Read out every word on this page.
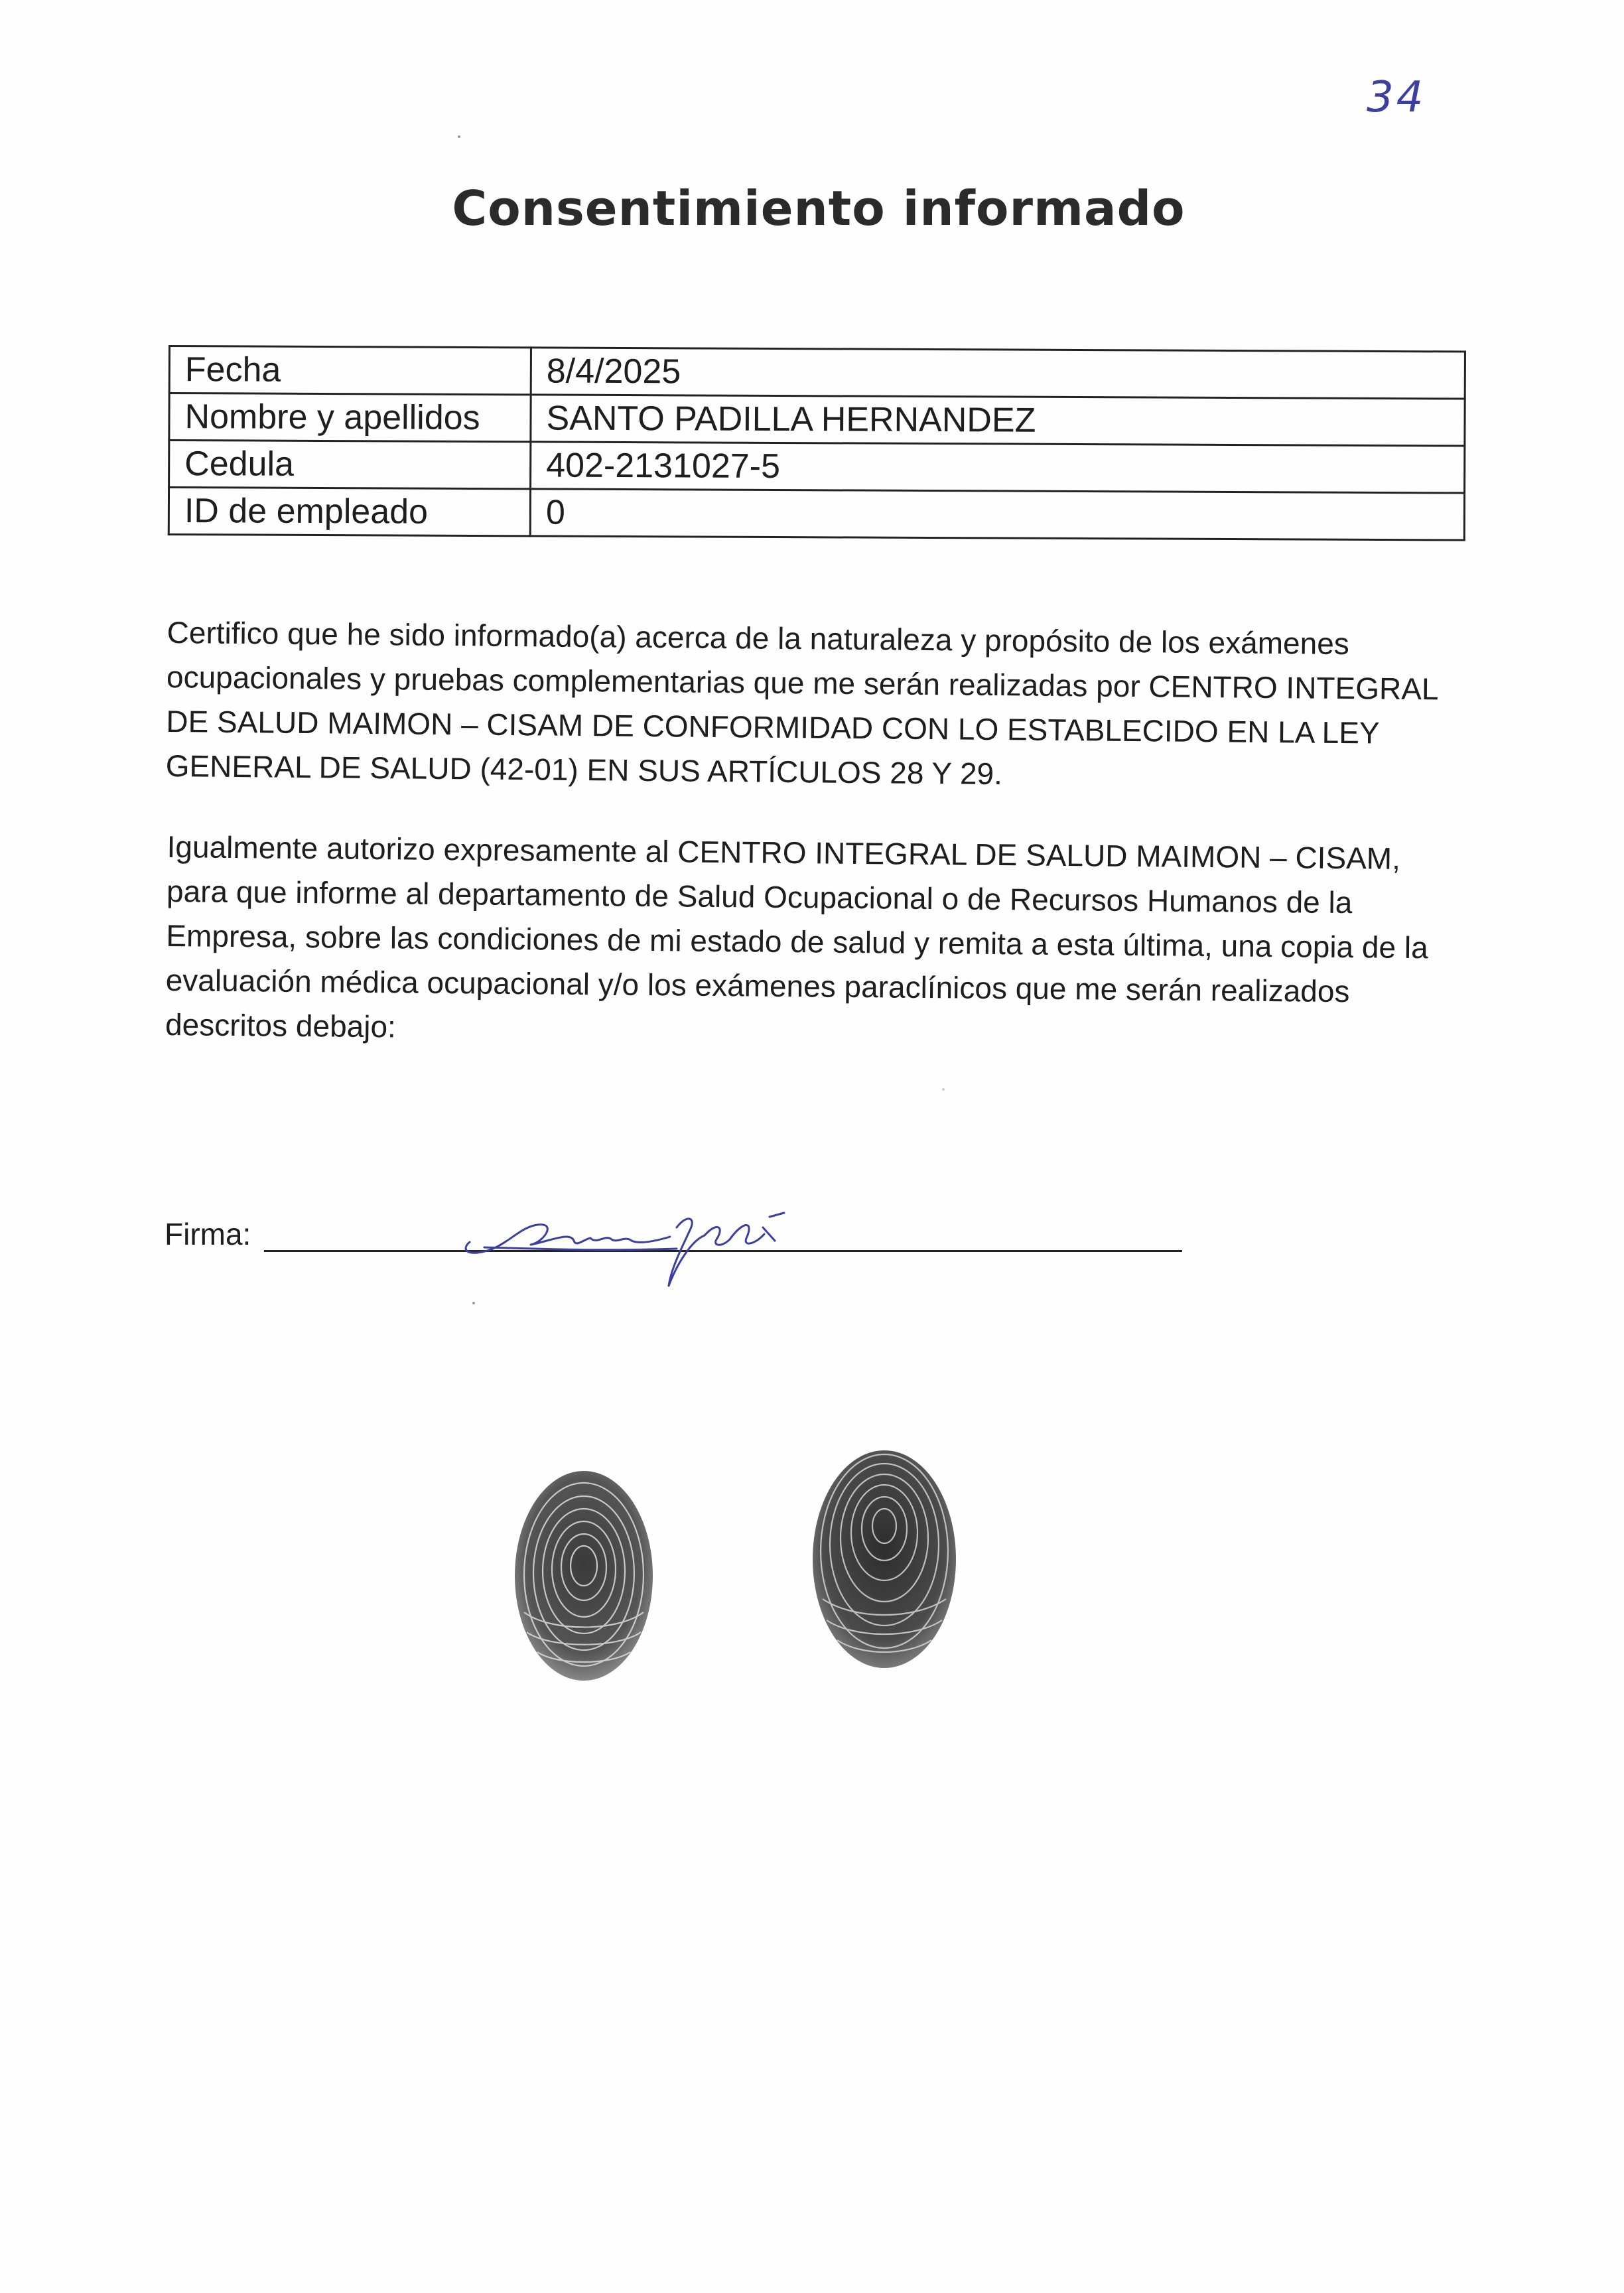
34
Consentimiento informado
Fecha	8/4/2025
Nombre y apellidos	SANTO PADILLA HERNANDEZ
Cedula	402-2131027-5
ID de empleado	0
Certifico que he sido informado(a) acerca de la naturaleza y propósito de los exámenes ocupacionales y pruebas complementarias que me serán realizadas por CENTRO INTEGRAL DE SALUD MAIMON – CISAM DE CONFORMIDAD CON LO ESTABLECIDO EN LA LEY GENERAL DE SALUD (42-01) EN SUS ARTÍCULOS 28 Y 29.
Igualmente autorizo expresamente al CENTRO INTEGRAL DE SALUD MAIMON – CISAM, para que informe al departamento de Salud Ocupacional o de Recursos Humanos de la Empresa, sobre las condiciones de mi estado de salud y remita a esta última, una copia de la evaluación médica ocupacional y/o los exámenes paraclínicos que me serán realizados descritos debajo:
Firma:
